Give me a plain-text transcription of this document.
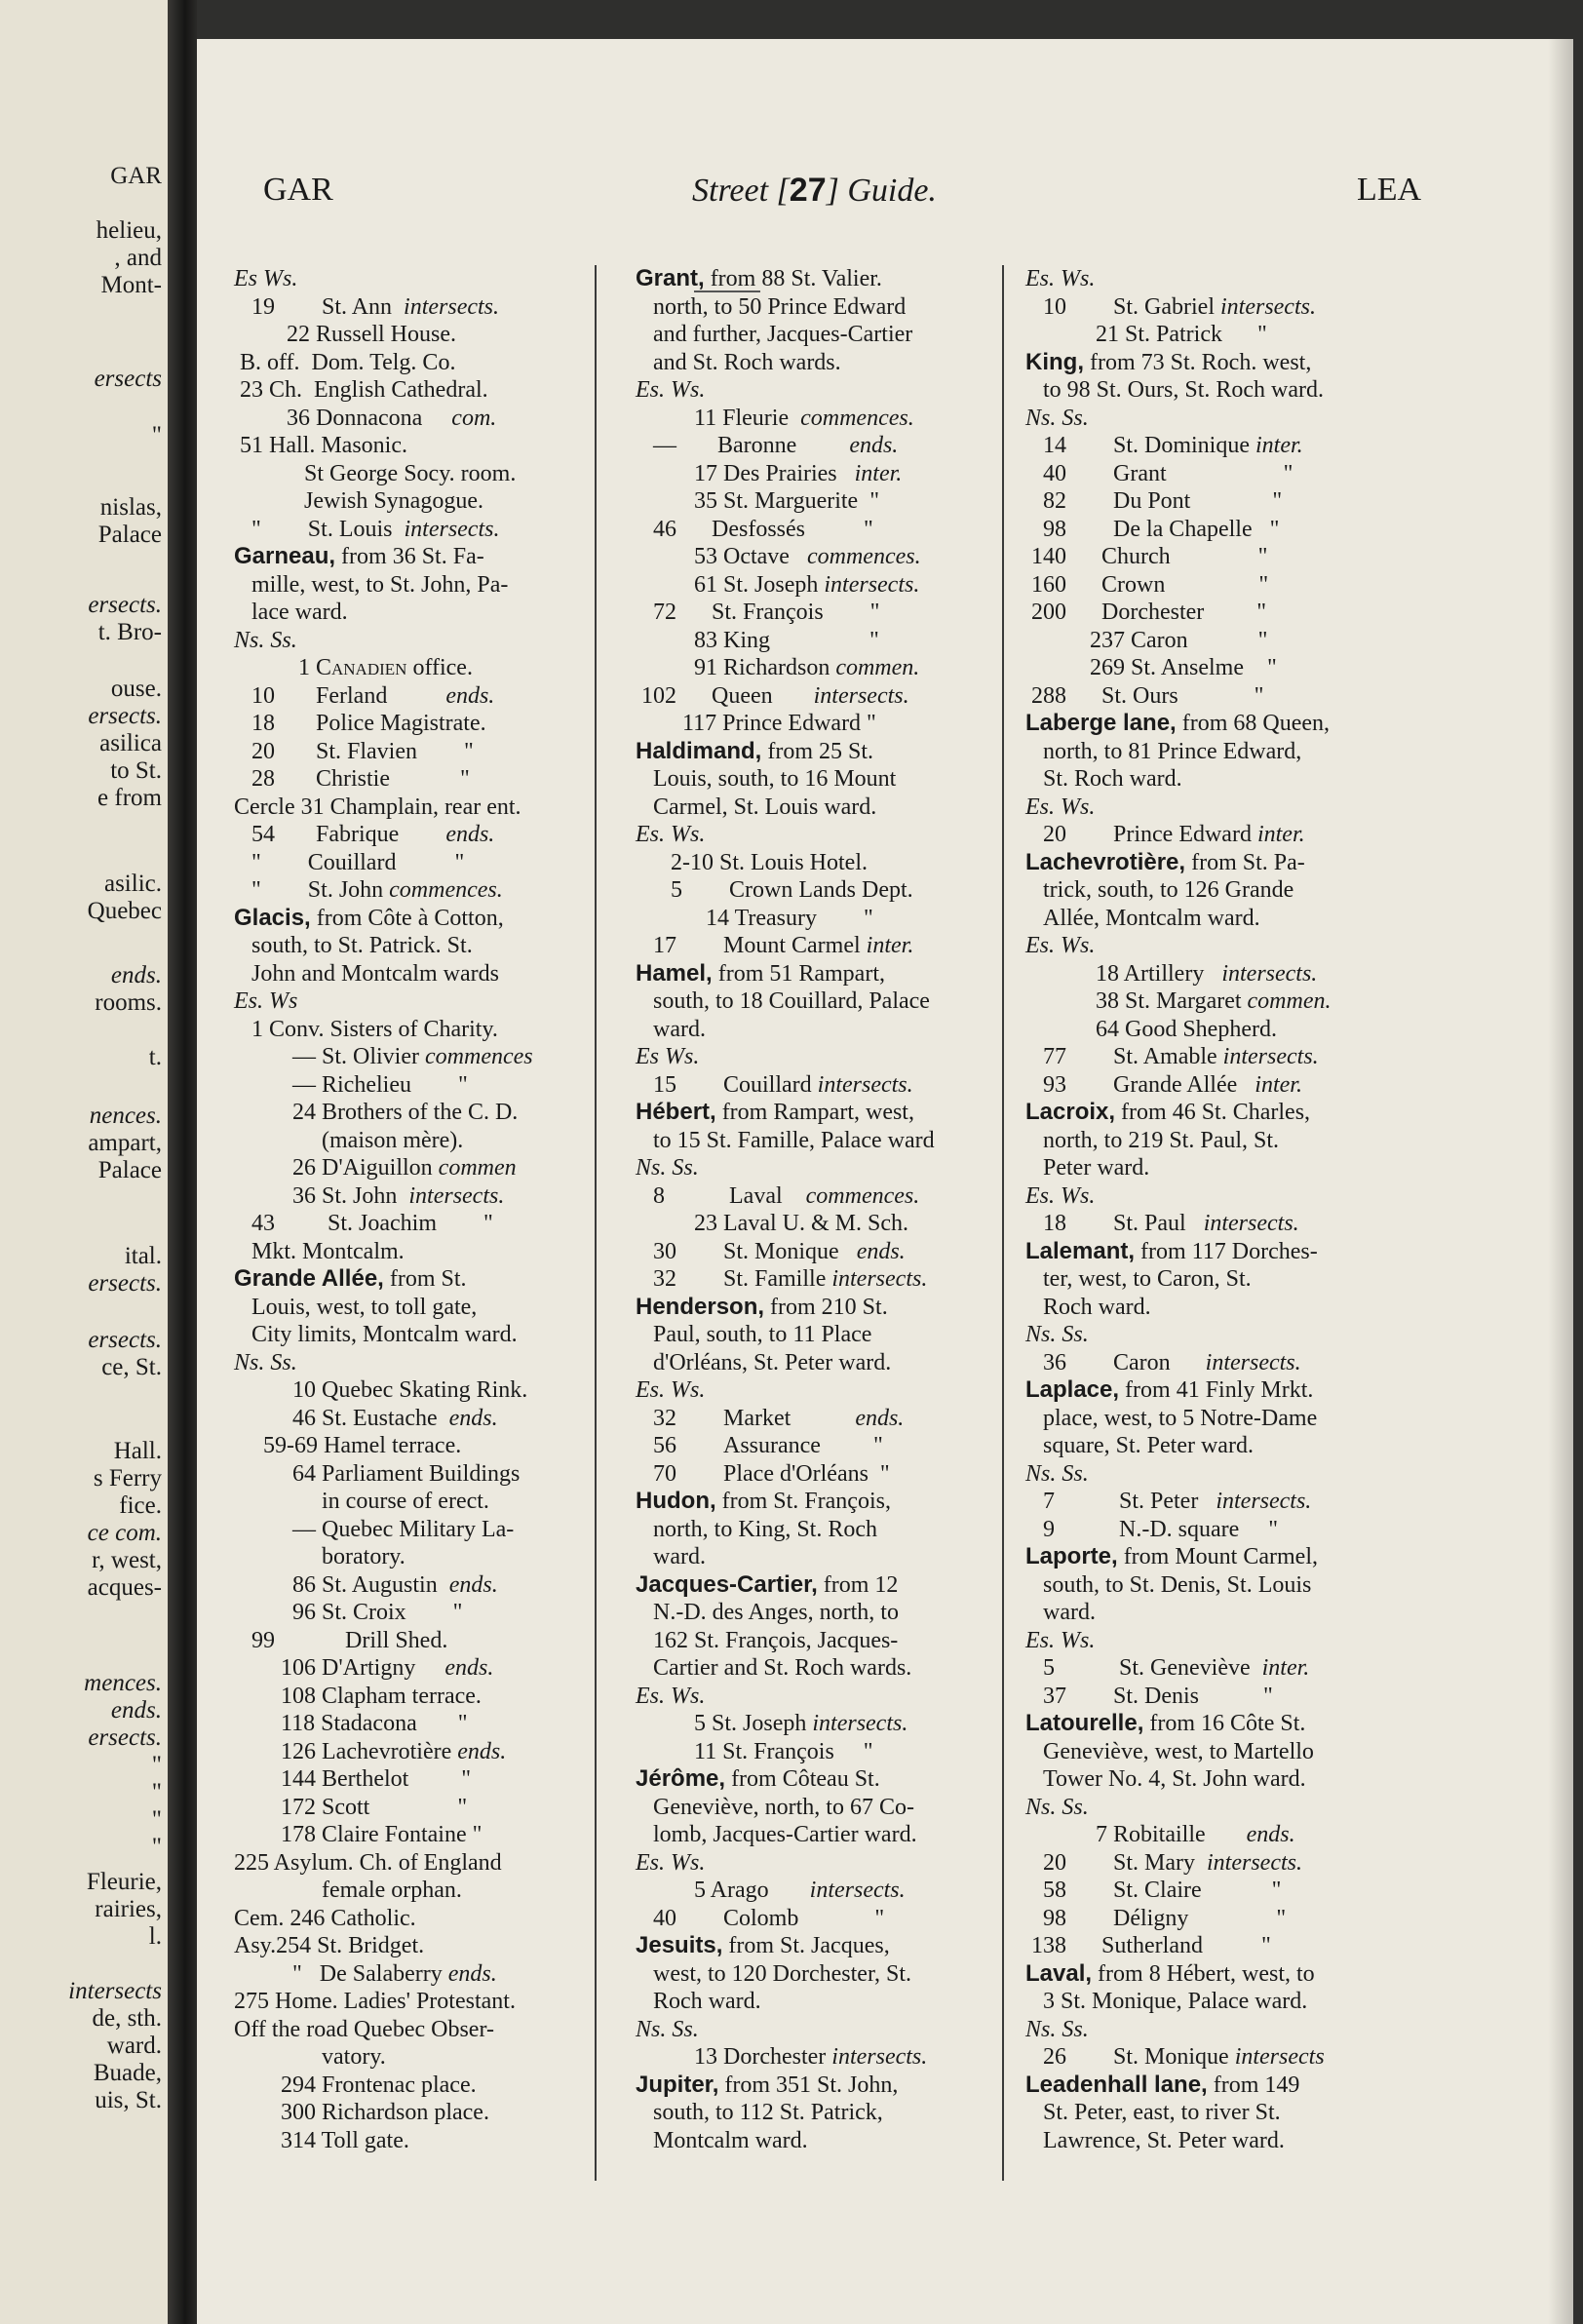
GAR
helieu,
, and
Mont-
ersects
"
nislas,
Palace
ersects.
t. Bro-
ouse.
ersects.
asilica
to St.
e from
asilic.
Quebec
ends.
rooms.
t.
nences.
ampart,
Palace
ital.
ersects.
ersects.
ce, St.
Hall.
s Ferry
fice.
ce com.
r, west,
acques-
mences.
ends.
ersects.
"
"
"
"
Fleurie,
rairies,
l.
intersects
de, sth.
ward.
Buade,
uis, St.
GAR	Street [27] Guide.	LEA
Es Ws.
19        St. Ann  intersects.
22 Russell House.
B. off.  Dom. Telg. Co.
23 Ch.  English Cathedral.
36 Donnacona     com.
51 Hall. Masonic.
St George Socy. room.
Jewish Synagogue.
"        St. Louis  intersects.
Garneau, from 36 St. Fa-
mille, west, to St. John, Pa-
lace ward.
Ns. Ss.
1 Canadien office.
10       Ferland          ends.
18       Police Magistrate.
20       St. Flavien        "
28       Christie            "
Cercle 31 Champlain, rear ent.
54       Fabrique        ends.
"        Couillard          "
"        St. John commences.
Glacis, from Côte à Cotton,
south, to St. Patrick. St.
John and Montcalm wards
Es. Ws
1 Conv. Sisters of Charity.
— St. Olivier commences
— Richelieu        "
24 Brothers of the C. D.
(maison mère).
26 D'Aiguillon commen
36 St. John  intersects.
43         St. Joachim        "
Mkt. Montcalm.
Grande Allée, from St.
Louis, west, to toll gate,
City limits, Montcalm ward.
Ns. Ss.
10 Quebec Skating Rink.
46 St. Eustache  ends.
59-69 Hamel terrace.
64 Parliament Buildings
in course of erect.
— Quebec Military La-
boratory.
86 St. Augustin  ends.
96 St. Croix        "
99            Drill Shed.
106 D'Artigny     ends.
108 Clapham terrace.
118 Stadacona       "
126 Lachevrotière ends.
144 Berthelot         "
172 Scott               "
178 Claire Fontaine "
225 Asylum. Ch. of England
female orphan.
Cem. 246 Catholic.
Asy.254 St. Bridget.
"   De Salaberry ends.
275 Home. Ladies' Protestant.
Off the road Quebec Obser-
vatory.
294 Frontenac place.
300 Richardson place.
314 Toll gate.
Grant, from 88 St. Valier.
north, to 50 Prince Edward
and further, Jacques-Cartier
and St. Roch wards.
Es. Ws.
11 Fleurie  commences.
—       Baronne         ends.
17 Des Prairies   inter.
35 St. Marguerite  "
46      Desfossés          "
53 Octave   commences.
61 St. Joseph intersects.
72      St. François        "
83 King                 "
91 Richardson commen.
102      Queen       intersects.
117 Prince Edward "
Haldimand, from 25 St.
Louis, south, to 16 Mount
Carmel, St. Louis ward.
Es. Ws.
2-10 St. Louis Hotel.
5        Crown Lands Dept.
14 Treasury        "
17        Mount Carmel inter.
Hamel, from 51 Rampart,
south, to 18 Couillard, Palace
ward.
Es Ws.
15        Couillard intersects.
Hébert, from Rampart, west,
to 15 St. Famille, Palace ward
Ns. Ss.
8           Laval    commences.
23 Laval U. & M. Sch.
30        St. Monique   ends.
32        St. Famille intersects.
Henderson, from 210 St.
Paul, south, to 11 Place
d'Orléans, St. Peter ward.
Es. Ws.
32        Market           ends.
56        Assurance         "
70        Place d'Orléans  "
Hudon, from St. François,
north, to King, St. Roch
ward.
Jacques-Cartier, from 12
N.-D. des Anges, north, to
162 St. François, Jacques-
Cartier and St. Roch wards.
Es. Ws.
5 St. Joseph intersects.
11 St. François     "
Jérôme, from Côteau St.
Geneviève, north, to 67 Co-
lomb, Jacques-Cartier ward.
Es. Ws.
5 Arago       intersects.
40        Colomb             "
Jesuits, from St. Jacques,
west, to 120 Dorchester, St.
Roch ward.
Ns. Ss.
13 Dorchester intersects.
Jupiter, from 351 St. John,
south, to 112 St. Patrick,
Montcalm ward.
Es. Ws.
10        St. Gabriel intersects.
21 St. Patrick      "
King, from 73 St. Roch. west,
to 98 St. Ours, St. Roch ward.
Ns. Ss.
14        St. Dominique inter.
40        Grant                    "
82        Du Pont              "
98        De la Chapelle   "
140      Church               "
160      Crown                "
200      Dorchester         "
237 Caron            "
269 St. Anselme    "
288      St. Ours             "
Laberge lane, from 68 Queen,
north, to 81 Prince Edward,
St. Roch ward.
Es. Ws.
20        Prince Edward inter.
Lachevrotière, from St. Pa-
trick, south, to 126 Grande
Allée, Montcalm ward.
Es. Ws.
18 Artillery   intersects.
38 St. Margaret commen.
64 Good Shepherd.
77        St. Amable intersects.
93        Grande Allée   inter.
Lacroix, from 46 St. Charles,
north, to 219 St. Paul, St.
Peter ward.
Es. Ws.
18        St. Paul   intersects.
Lalemant, from 117 Dorches-
ter, west, to Caron, St.
Roch ward.
Ns. Ss.
36        Caron      intersects.
Laplace, from 41 Finly Mrkt.
place, west, to 5 Notre-Dame
square, St. Peter ward.
Ns. Ss.
7           St. Peter   intersects.
9           N.-D. square     "
Laporte, from Mount Carmel,
south, to St. Denis, St. Louis
ward.
Es. Ws.
5           St. Geneviève  inter.
37        St. Denis           "
Latourelle, from 16 Côte St.
Geneviève, west, to Martello
Tower No. 4, St. John ward.
Ns. Ss.
7 Robitaille       ends.
20        St. Mary  intersects.
58        St. Claire            "
98        Déligny               "
138      Sutherland          "
Laval, from 8 Hébert, west, to
3 St. Monique, Palace ward.
Ns. Ss.
26        St. Monique intersects
Leadenhall lane, from 149
St. Peter, east, to river St.
Lawrence, St. Peter ward.
